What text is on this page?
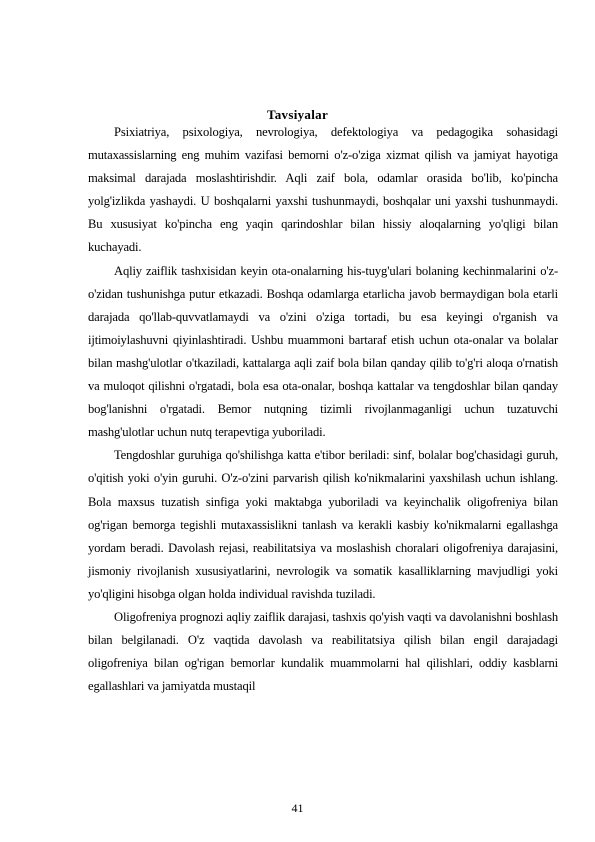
Tavsiyalar

Psixiatriya, psixologiya, nevrologiya, defektologiya va pedagogika sohasidagi mutaxassislarning eng muhim vazifasi bemorni o'z-o'ziga xizmat qilish va jamiyat hayotiga maksimal darajada moslashtirishdir. Aqli zaif bola, odamlar orasida bo'lib, ko'pincha yolg'izlikda yashaydi. U boshqalarni yaxshi tushunmaydi, boshqalar uni yaxshi tushunmaydi. Bu xususiyat ko'pincha eng yaqin qarindoshlar bilan hissiy aloqalarning yo'qligi bilan kuchayadi.

Aqliy zaiflik tashxisidan keyin ota-onalarning his-tuyg'ulari bolaning kechinmalarini o'z-o'zidan tushunishga putur etkazadi. Boshqa odamlarga etarlicha javob bermaydigan bola etarli darajada qo'llab-quvvatlamaydi va o'zini o'ziga tortadi, bu esa keyingi o'rganish va ijtimoiylashuvni qiyinlashtiradi. Ushbu muammoni bartaraf etish uchun ota-onalar va bolalar bilan mashg'ulotlar o'tkaziladi, kattalarga aqli zaif bola bilan qanday qilib to'g'ri aloqa o'rnatish va muloqot qilishni o'rgatadi, bola esa ota-onalar, boshqa kattalar va tengdoshlar bilan qanday bog'lanishni o'rgatadi. Bemor nutqning tizimli rivojlanmaganligi uchun tuzatuvchi mashg'ulotlar uchun nutq terapevtiga yuboriladi.

Tengdoshlar guruhiga qo'shilishga katta e'tibor beriladi: sinf, bolalar bog'chasidagi guruh, o'qitish yoki o'yin guruhi. O'z-o'zini parvarish qilish ko'nikmalarini yaxshilash uchun ishlang. Bola maxsus tuzatish sinfiga yoki maktabga yuboriladi va keyinchalik oligofreniya bilan og'rigan bemorga tegishli mutaxassislikni tanlash va kerakli kasbiy ko'nikmalarni egallashga yordam beradi. Davolash rejasi, reabilitatsiya va moslashish choralari oligofreniya darajasini, jismoniy rivojlanish xususiyatlarini, nevrologik va somatik kasalliklarning mavjudligi yoki yo'qligini hisobga olgan holda individual ravishda tuziladi.

Oligofreniya prognozi aqliy zaiflik darajasi, tashxis qo'yish vaqti va davolanishni boshlash bilan belgilanadi. O'z vaqtida davolash va reabilitatsiya qilish bilan engil darajadagi oligofreniya bilan og'rigan bemorlar kundalik muammolarni hal qilishlari, oddiy kasblarni egallashlari va jamiyatda mustaqil

41
